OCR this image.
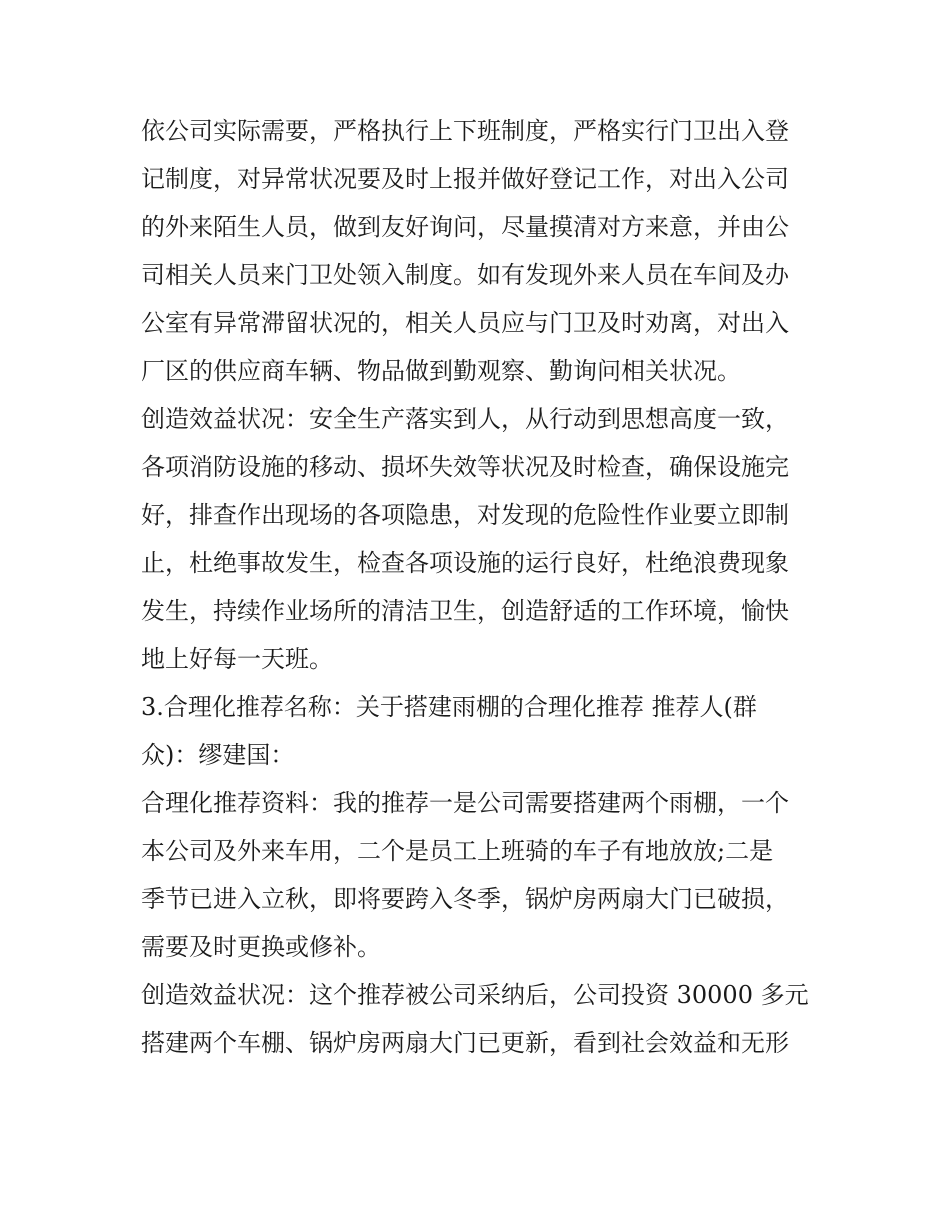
依公司实际需要，严格执行上下班制度，严格实行门卫出入登
记制度，对异常状况要及时上报并做好登记工作，对出入公司
的外来陌生人员，做到友好询问，尽量摸清对方来意，并由公
司相关人员来门卫处领入制度。如有发现外来人员在车间及办
公室有异常滞留状况的，相关人员应与门卫及时劝离，对出入
厂区的供应商车辆、物品做到勤观察、勤询问相关状况。
创造效益状况：安全生产落实到人，从行动到思想高度一致，
各项消防设施的移动、损坏失效等状况及时检查，确保设施完
好，排查作出现场的各项隐患，对发现的危险性作业要立即制
止，杜绝事故发生，检查各项设施的运行良好，杜绝浪费现象
发生，持续作业场所的清洁卫生，创造舒适的工作环境，愉快
地上好每一天班。
3.合理化推荐名称：关于搭建雨棚的合理化推荐 推荐人(群
众)：缪建国：
合理化推荐资料：我的推荐一是公司需要搭建两个雨棚，一个
本公司及外来车用，二个是员工上班骑的车子有地放放;二是
季节已进入立秋，即将要跨入冬季，锅炉房两扇大门已破损，
需要及时更换或修补。
创造效益状况：这个推荐被公司采纳后，公司投资 30000 多元
搭建两个车棚、锅炉房两扇大门已更新，看到社会效益和无形
